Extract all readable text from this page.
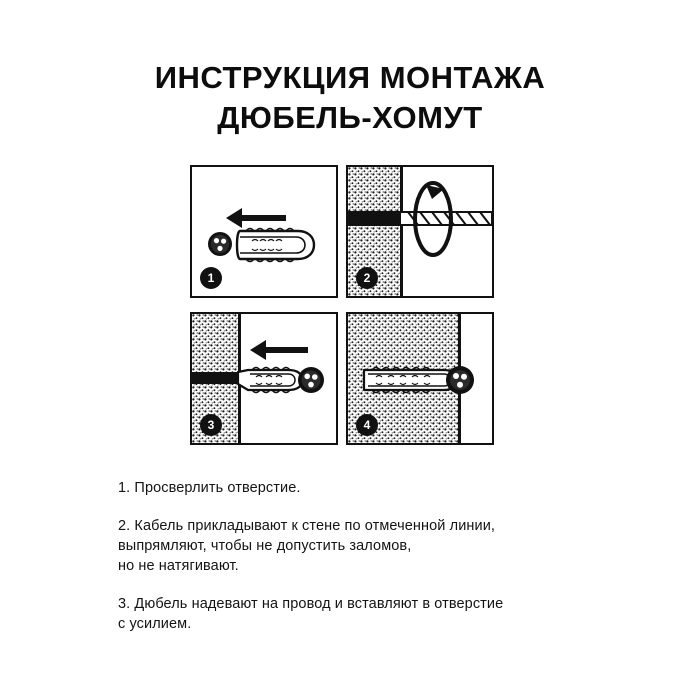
ИНСТРУКЦИЯ МОНТАЖА
ДЮБЕЛЬ-ХОМУТ
1	2
3	4
1. Просверлить отверстие.
2. Кабель прикладывают к стене по отмеченной линии,
выпрямляют, чтобы не допустить заломов,
но не натягивают.
3. Дюбель надевают на провод и вставляют в отверстие
с усилием.
